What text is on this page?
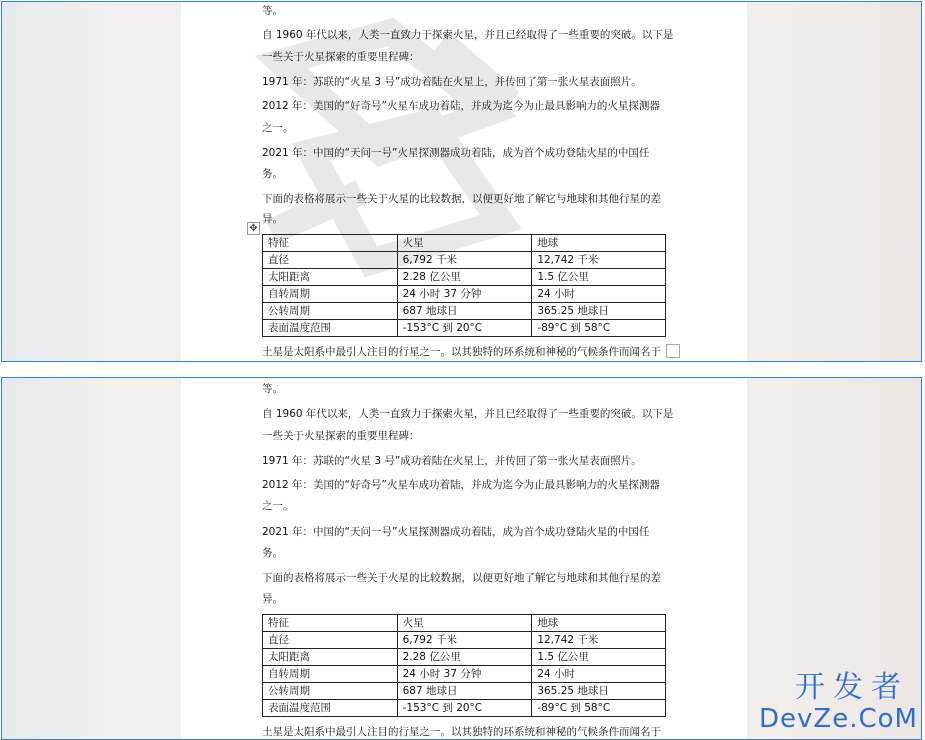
等。
自 1960 年代以来，人类一直致力于探索火星，并且已经取得了一些重要的突破。以下是
一些关于火星探索的重要里程碑：
1971 年：苏联的“火星 3 号”成功着陆在火星上，并传回了第一张火星表面照片。
2012 年：美国的“好奇号”火星车成功着陆，并成为迄今为止最具影响力的火星探测器
之一。
2021 年：中国的“天问一号”火星探测器成功着陆，成为首个成功登陆火星的中国任
务。
下面的表格将展示一些关于火星的比较数据，以便更好地了解它与地球和其他行星的差
异。
特征	火星	地球
直径	6,792 千米	12,742 千米
太阳距离	2.28 亿公里	1.5 亿公里
自转周期	24 小时 37 分钟	24 小时
公转周期	687 地球日	365.25 地球日
表面温度范围	-153°C 到 20°C	-89°C 到 58°C
土星是太阳系中最引人注目的行星之一。以其独特的环系统和神秘的气候条件而闻名于
✥
等。
自 1960 年代以来，人类一直致力于探索火星，并且已经取得了一些重要的突破。以下是
一些关于火星探索的重要里程碑：
1971 年：苏联的“火星 3 号”成功着陆在火星上，并传回了第一张火星表面照片。
2012 年：美国的“好奇号”火星车成功着陆，并成为迄今为止最具影响力的火星探测器
之一。
2021 年：中国的“天问一号”火星探测器成功着陆，成为首个成功登陆火星的中国任
务。
下面的表格将展示一些关于火星的比较数据，以便更好地了解它与地球和其他行星的差
异。
特征	火星	地球
直径	6,792 千米	12,742 千米
太阳距离	2.28 亿公里	1.5 亿公里
自转周期	24 小时 37 分钟	24 小时
公转周期	687 地球日	365.25 地球日
表面温度范围	-153°C 到 20°C	-89°C 到 58°C
土星是太阳系中最引人注目的行星之一。以其独特的环系统和神秘的气候条件而闻名于
开发者
DevZe.CoM
